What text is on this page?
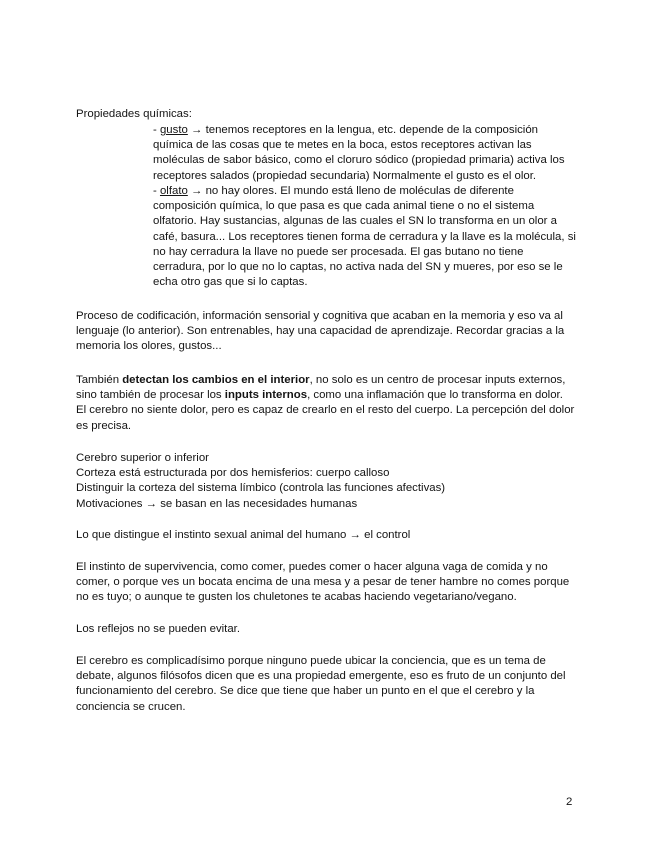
Propiedades químicas:

- gusto → tenemos receptores en la lengua, etc. depende de la composición química de las cosas que te metes en la boca, estos receptores activan las moléculas de sabor básico, como el cloruro sódico (propiedad primaria) activa los receptores salados (propiedad secundaria) Normalmente el gusto es el olor.

- olfato → no hay olores. El mundo está lleno de moléculas de diferente composición química, lo que pasa es que cada animal tiene o no el sistema olfatorio. Hay sustancias, algunas de las cuales el SN lo transforma en un olor a café, basura... Los receptores tienen forma de cerradura y la llave es la molécula, si no hay cerradura la llave no puede ser procesada. El gas butano no tiene cerradura, por lo que no lo captas, no activa nada del SN y mueres, por eso se le echa otro gas que si lo captas.

Proceso de codificación, información sensorial y cognitiva que acaban en la memoria y eso va al lenguaje (lo anterior). Son entrenables, hay una capacidad de aprendizaje. Recordar gracias a la memoria los olores, gustos...

También detectan los cambios en el interior, no solo es un centro de procesar inputs externos, sino también de procesar los inputs internos, como una inflamación que lo transforma en dolor. El cerebro no siente dolor, pero es capaz de crearlo en el resto del cuerpo. La percepción del dolor es precisa.

Cerebro superior o inferior

Corteza está estructurada por dos hemisferios: cuerpo calloso

Distinguir la corteza del sistema límbico (controla las funciones afectivas)

Motivaciones → se basan en las necesidades humanas

Lo que distingue el instinto sexual animal del humano → el control

El instinto de supervivencia, como comer, puedes comer o hacer alguna vaga de comida y no comer, o porque ves un bocata encima de una mesa y a pesar de tener hambre no comes porque no es tuyo; o aunque te gusten los chuletones te acabas haciendo vegetariano/vegano.

Los reflejos no se pueden evitar.

El cerebro es complicadísimo porque ninguno puede ubicar la conciencia, que es un tema de debate, algunos filósofos dicen que es una propiedad emergente, eso es fruto de un conjunto del funcionamiento del cerebro. Se dice que tiene que haber un punto en el que el cerebro y la conciencia se crucen.

2
